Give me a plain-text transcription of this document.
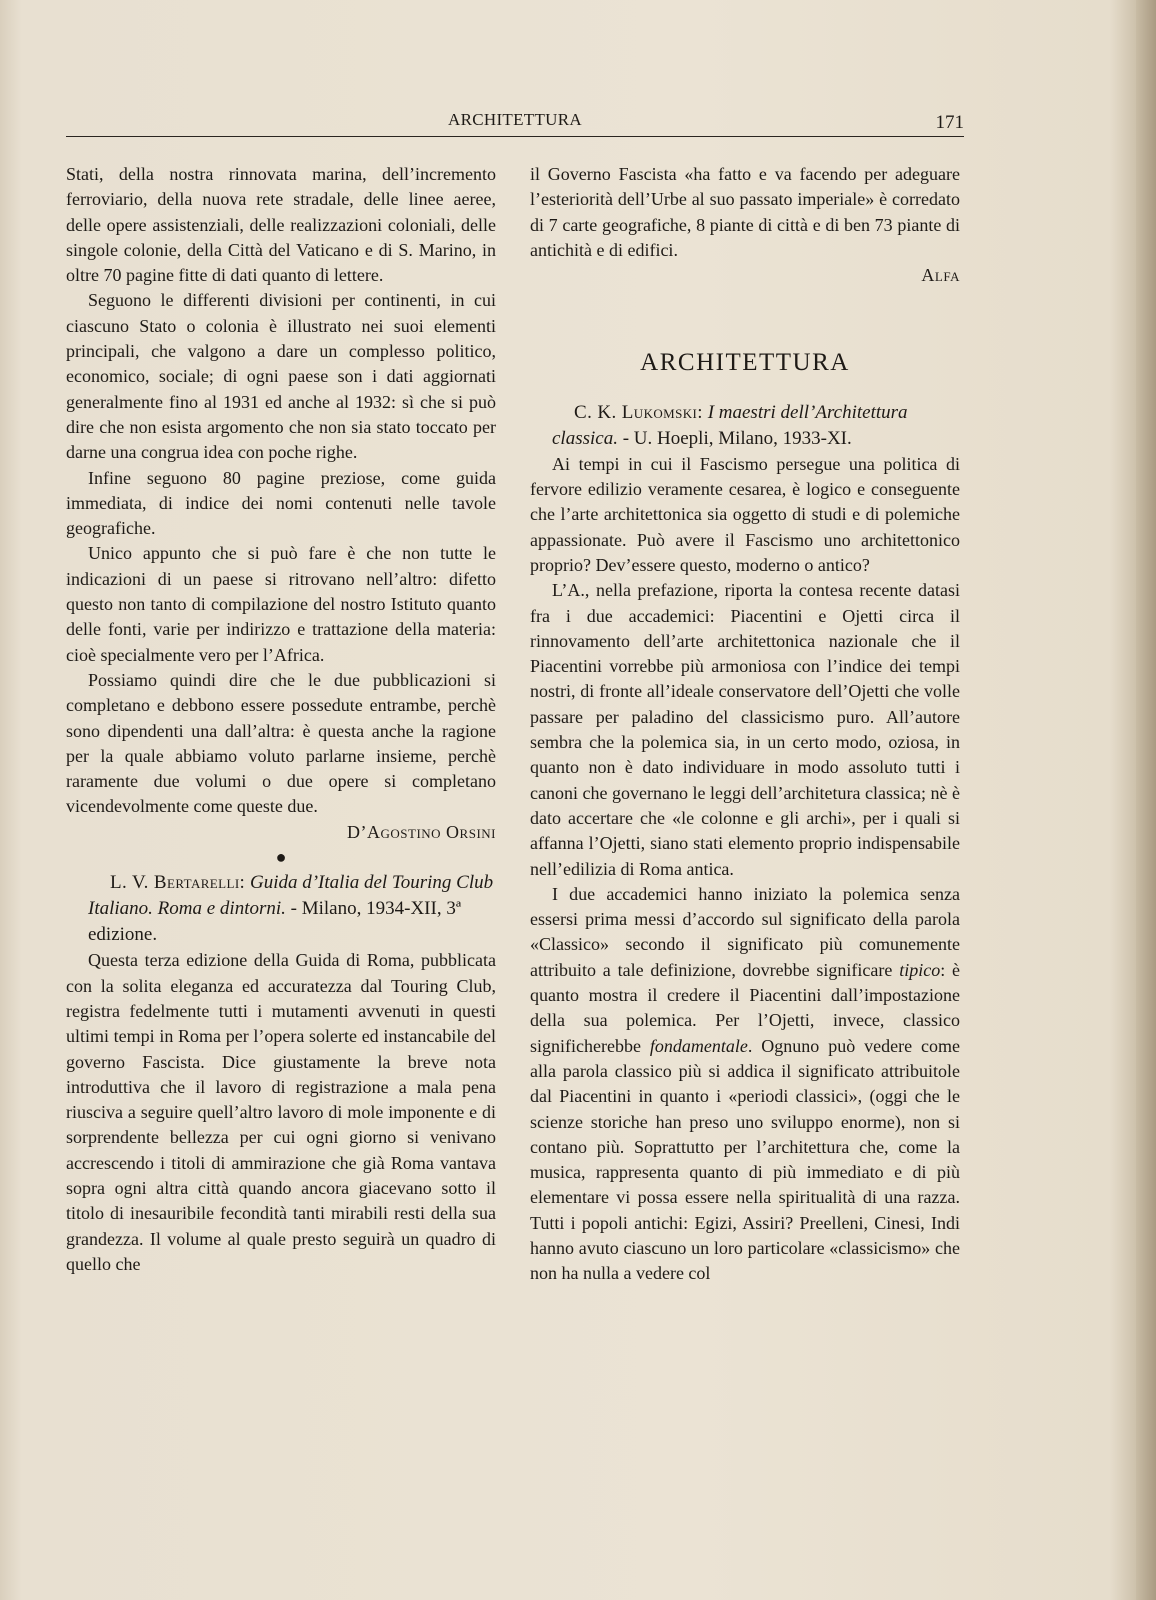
ARCHITETTURA	171

Stati, della nostra rinnovata marina, dell’incremento ferroviario, della nuova rete stradale, delle linee aeree, delle opere assistenziali, delle realizzazioni coloniali, delle singole colonie, della Città del Vaticano e di S. Marino, in oltre 70 pagine fitte di dati quanto di lettere.

Seguono le differenti divisioni per continenti, in cui ciascuno Stato o colonia è illustrato nei suoi elementi principali, che valgono a dare un complesso politico, economico, sociale; di ogni paese son i dati aggiornati generalmente fino al 1931 ed anche al 1932: sì che si può dire che non esista argomento che non sia stato toccato per darne una congrua idea con poche righe.

Infine seguono 80 pagine preziose, come guida immediata, di indice dei nomi contenuti nelle tavole geografiche.

Unico appunto che si può fare è che non tutte le indicazioni di un paese si ritrovano nell’altro: difetto questo non tanto di compilazione del nostro Istituto quanto delle fonti, varie per indirizzo e trattazione della materia: cioè specialmente vero per l’Africa.

Possiamo quindi dire che le due pubblicazioni si completano e debbono essere possedute entrambe, perchè sono dipendenti una dall’altra: è questa anche la ragione per la quale abbiamo voluto parlarne insieme, perchè raramente due volumi o due opere si completano vicendevolmente come queste due.

D’Agostino Orsini

●

L. V. Bertarelli: Guida d’Italia del Touring Club Italiano. Roma e dintorni. - Milano, 1934-XII, 3ª edizione.

Questa terza edizione della Guida di Roma, pubblicata con la solita eleganza ed accuratezza dal Touring Club, registra fedelmente tutti i mutamenti avvenuti in questi ultimi tempi in Roma per l’opera solerte ed instancabile del governo Fascista. Dice giustamente la breve nota introduttiva che il lavoro di registrazione a mala pena riusciva a seguire quell’altro lavoro di mole imponente e di sorprendente bellezza per cui ogni giorno si venivano accrescendo i titoli di ammirazione che già Roma vantava sopra ogni altra città quando ancora giacevano sotto il titolo di inesauribile fecondità tanti mirabili resti della sua grandezza. Il volume al quale presto seguirà un quadro di quello che

il Governo Fascista «ha fatto e va facendo per adeguare l’esteriorità dell’Urbe al suo passato imperiale» è corredato di 7 carte geografiche, 8 piante di città e di ben 73 piante di antichità e di edifici.

Alfa

ARCHITETTURA

C. K. Lukomski: I maestri dell’Architettura classica. - U. Hoepli, Milano, 1933-XI.

Ai tempi in cui il Fascismo persegue una politica di fervore edilizio veramente cesarea, è logico e conseguente che l’arte architettonica sia oggetto di studi e di polemiche appassionate. Può avere il Fascismo uno architettonico proprio? Dev’essere questo, moderno o antico?

L’A., nella prefazione, riporta la contesa recente datasi fra i due accademici: Piacentini e Ojetti circa il rinnovamento dell’arte architettonica nazionale che il Piacentini vorrebbe più armoniosa con l’indice dei tempi nostri, di fronte all’ideale conservatore dell’Ojetti che volle passare per paladino del classicismo puro. All’autore sembra che la polemica sia, in un certo modo, oziosa, in quanto non è dato individuare in modo assoluto tutti i canoni che governano le leggi dell’architetura classica; nè è dato accertare che «le colonne e gli archi», per i quali si affanna l’Ojetti, siano stati elemento proprio indispensabile nell’edilizia di Roma antica.

I due accademici hanno iniziato la polemica senza essersi prima messi d’accordo sul significato della parola «Classico» secondo il significato più comunemente attribuito a tale definizione, dovrebbe significare tipico: è quanto mostra il credere il Piacentini dall’impostazione della sua polemica. Per l’Ojetti, invece, classico significherebbe fondamentale. Ognuno può vedere come alla parola classico più si addica il significato attribuitole dal Piacentini in quanto i «periodi classici», (oggi che le scienze storiche han preso uno sviluppo enorme), non si contano più. Soprattutto per l’architettura che, come la musica, rappresenta quanto di più immediato e di più elementare vi possa essere nella spiritualità di una razza. Tutti i popoli antichi: Egizi, Assiri? Preelleni, Cinesi, Indi hanno avuto ciascuno un loro particolare «classicismo» che non ha nulla a vedere col
